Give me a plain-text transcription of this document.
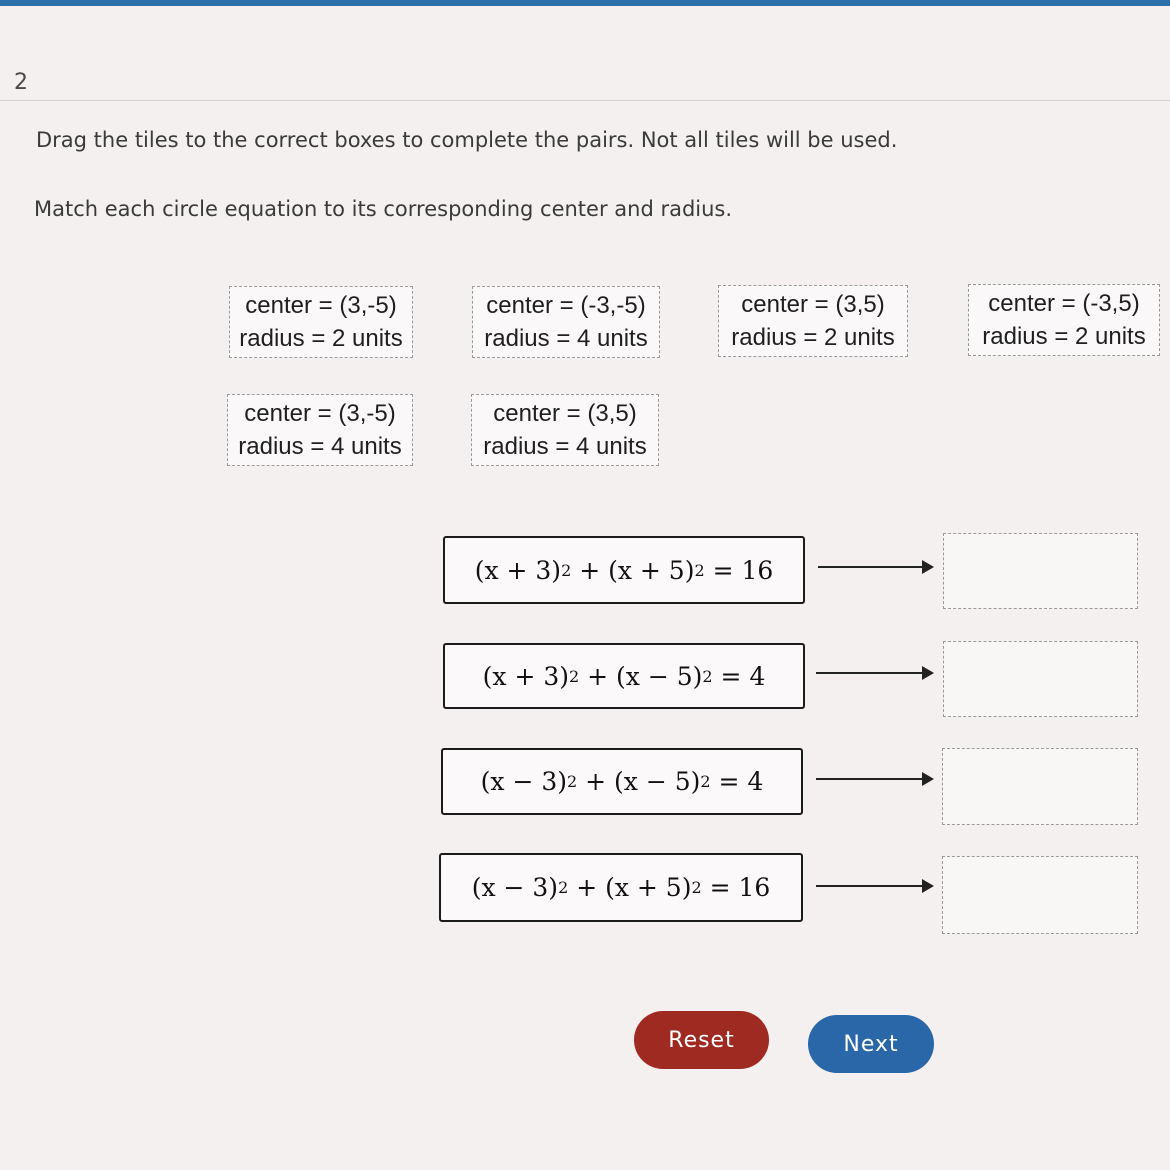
2
Drag the tiles to the correct boxes to complete the pairs. Not all tiles will be used.
Match each circle equation to its corresponding center and radius.
center = (3,-5)
radius = 2 units
center = (-3,-5)
radius = 4 units
center = (3,5)
radius = 2 units
center = (-3,5)
radius = 2 units
center = (3,-5)
radius = 4 units
center = (3,5)
radius = 4 units
(x + 3) 2 + (x + 5) 2 = 16
(x + 3) 2 + (x − 5) 2 = 4
(x − 3) 2 + (x − 5) 2 = 4
(x − 3) 2 + (x + 5) 2 = 16
Reset	Next
